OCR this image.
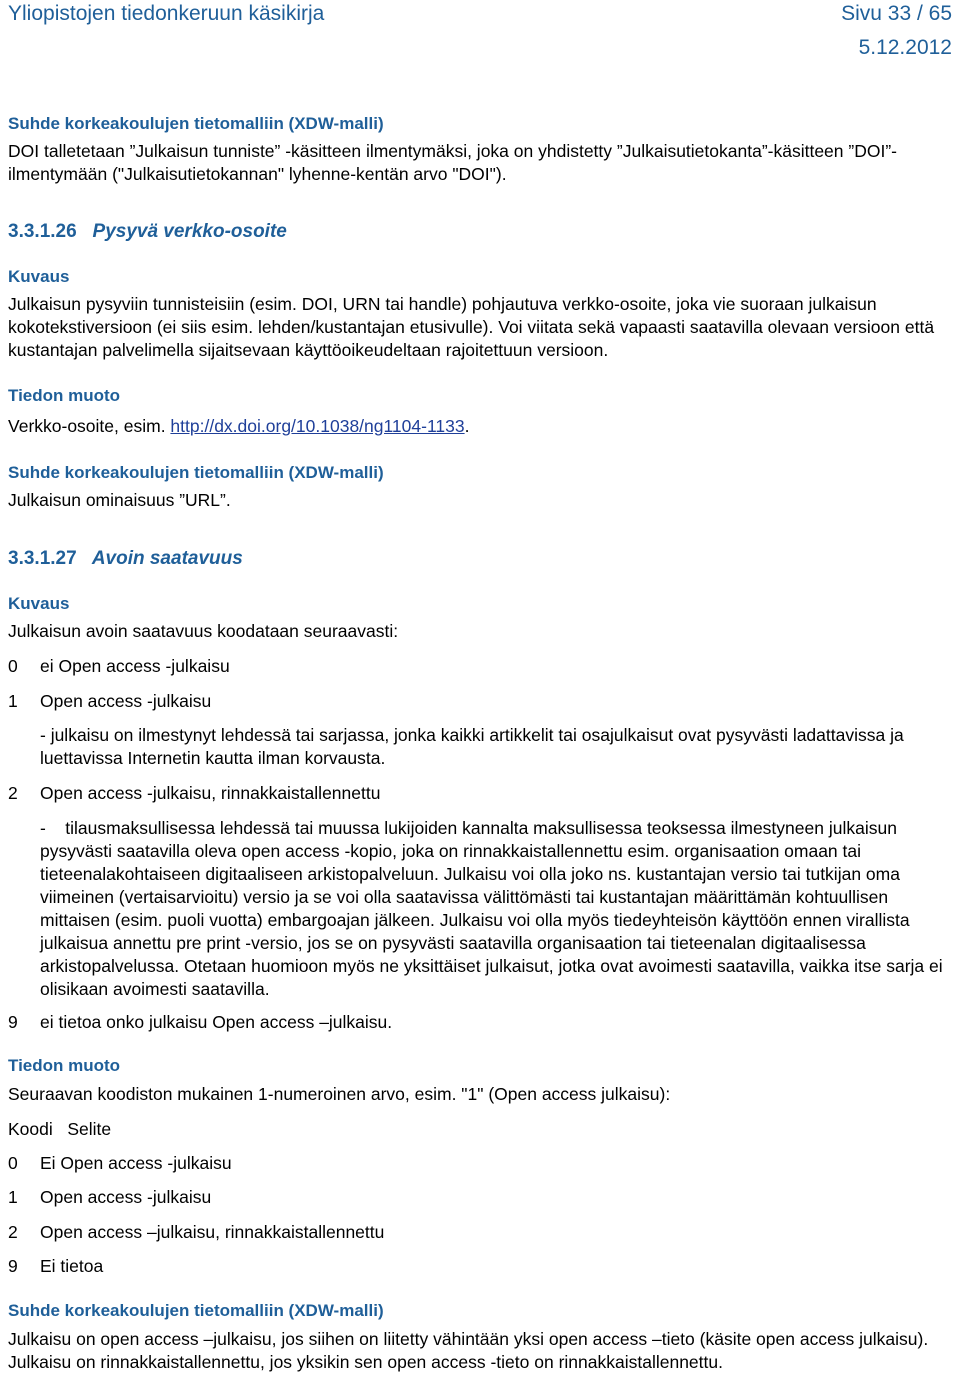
Yliopistojen tiedonkeruun käsikirja	Sivu 33 / 65
5.12.2012
Suhde korkeakoulujen tietomalliin (XDW-malli)
DOI talletetaan ”Julkaisun tunniste” -käsitteen ilmentymäksi, joka on yhdistetty ”Julkaisutietokanta”-käsitteen ”DOI”-ilmentymään ("Julkaisutietokannan" lyhenne-kentän arvo "DOI").
3.3.1.26 Pysyvä verkko-osoite
Kuvaus
Julkaisun pysyviin tunnisteisiin (esim. DOI, URN tai handle) pohjautuva verkko-osoite, joka vie suoraan julkaisun kokotekstiversioon (ei siis esim. lehden/kustantajan etusivulle). Voi viitata sekä vapaasti saatavilla olevaan versioon että kustantajan palvelimella sijaitsevaan käyttöoikeudeltaan rajoitettuun versioon.
Tiedon muoto
Verkko-osoite, esim. http://dx.doi.org/10.1038/ng1104-1133.
Suhde korkeakoulujen tietomalliin (XDW-malli)
Julkaisun ominaisuus ”URL”.
3.3.1.27 Avoin saatavuus
Kuvaus
Julkaisun avoin saatavuus koodataan seuraavasti:
0 ei Open access -julkaisu
1 Open access -julkaisu
- julkaisu on ilmestynyt lehdessä tai sarjassa, jonka kaikki artikkelit tai osajulkaisut ovat pysyvästi ladattavissa ja luettavissa Internetin kautta ilman korvausta.
2 Open access -julkaisu, rinnakkaistallennettu
-    tilausmaksullisessa lehdessä tai muussa lukijoiden kannalta maksullisessa teoksessa ilmestyneen julkaisun pysyvästi saatavilla oleva open access -kopio, joka on rinnakkaistallennettu esim. organisaation omaan tai tieteenalakohtaiseen digitaaliseen arkistopalveluun. Julkaisu voi olla joko ns. kustantajan versio tai tutkijan oma viimeinen (vertaisarvioitu) versio ja se voi olla saatavissa välittömästi tai kustantajan määrittämän kohtuullisen mittaisen (esim. puoli vuotta) embargoajan jälkeen. Julkaisu voi olla myös tiedeyhteisön käyttöön ennen virallista julkaisua annettu pre print -versio, jos se on pysyvästi saatavilla organisaation tai tieteenalan digitaalisessa arkistopalvelussa. Otetaan huomioon myös ne yksittäiset julkaisut, jotka ovat avoimesti saatavilla, vaikka itse sarja ei olisikaan avoimesti saatavilla.
9 ei tietoa onko julkaisu Open access –julkaisu.
Tiedon muoto
Seuraavan koodiston mukainen 1-numeroinen arvo, esim. "1" (Open access julkaisu):
Koodi Selite
0 Ei Open access -julkaisu
1 Open access -julkaisu
2 Open access –julkaisu, rinnakkaistallennettu
9 Ei tietoa
Suhde korkeakoulujen tietomalliin (XDW-malli)
Julkaisu on open access –julkaisu, jos siihen on liitetty vähintään yksi open access –tieto (käsite open access julkaisu). Julkaisu on rinnakkaistallennettu, jos yksikin sen open access -tieto on rinnakkaistallennettu.
